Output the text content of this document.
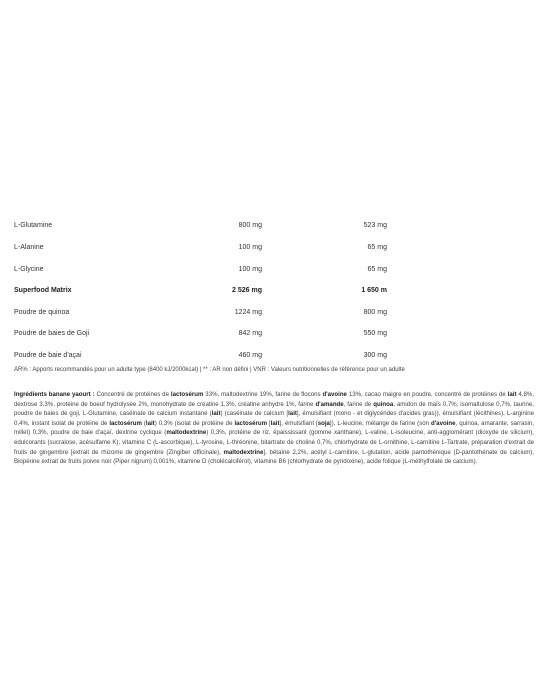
L-Glutamine	800 mg	523 mg
L-Alanine	100 mg	65 mg
L-Glycine	100 mg	65 mg
Superfood Matrix	2 526 mg	1 650 m
Poudre de quinoa	1224 mg	800 mg
Poudre de baies de Goji	842 mg	550 mg
Poudre de baie d'açai	460 mg	300 mg
AR% : Apports recommandés pour un adulte type (8400 kJ/2000kcal) | ** : AR non défini | VNR : Valeurs nutritionnelles de référence pour un adulte
Ingrédients banane yaourt : Concentré de protéines de lactosérum 33%, maltodextrine 19%, farine de flocons d'avoine 13%, cacao maigre en poudre, concentré de protéines de lait 4,8%, dextrose 3,3%, protéine de boeuf hydrolysée 2%, monohydrate de créatine 1,3%, créatine anhydre 1%, farine d'amande, farine de quinoa, amidon de maïs 0,7%, isomaltulose 0,7%, taurine, poudre de baies de goji, L-Glutamine, caséinate de calcium instantané (lait) (caséinate de calcium [lait], émulsifiant (mono - et diglycérides d'acides gras)), émulsifiant (lécithines), L-arginine 0,4%, instant isolat de protéine de lactosérum (lait) 0,3% (isolat de protéine de lactosérum [lait], émulsifiant [soja]), L-leucine, mélange de farine (son d'avoine, quinoa, amarante, sarrasin, millet) 0,3%, poudre de baie d'açaï, dextrine cyclique (maltodextrine) 0,3%, protéine de riz, épaississant (gomme xanthane), L-valine, L-isoleucine, anti-agglomérant (dioxyde de silicium), édulcorants (sucralose, acésulfame K), vitamine C (L-ascorbique), L-tyrosine, L-thréonine, bitartrate de choline 0,7%, chlorhydrate de L-ornithine, L-carnitine L-Tartrate, préparation d'extrait de fruits de gingembre [extrait de rhizome de gingembre (Zingiber officinale), maltodextrine], bétaïne 2,2%, acétyl L-carnitine, L-glutation, acide pantothénique (D-pantothénate de calcium), Biopérine extrait de fruits poivre noir (Piper nigrum) 0,001%, vitamine D (cholécalciférol), vitamine B6 (chlorhydrate de pyridoxine), acide folique (L-méthylfolate de calcium).
